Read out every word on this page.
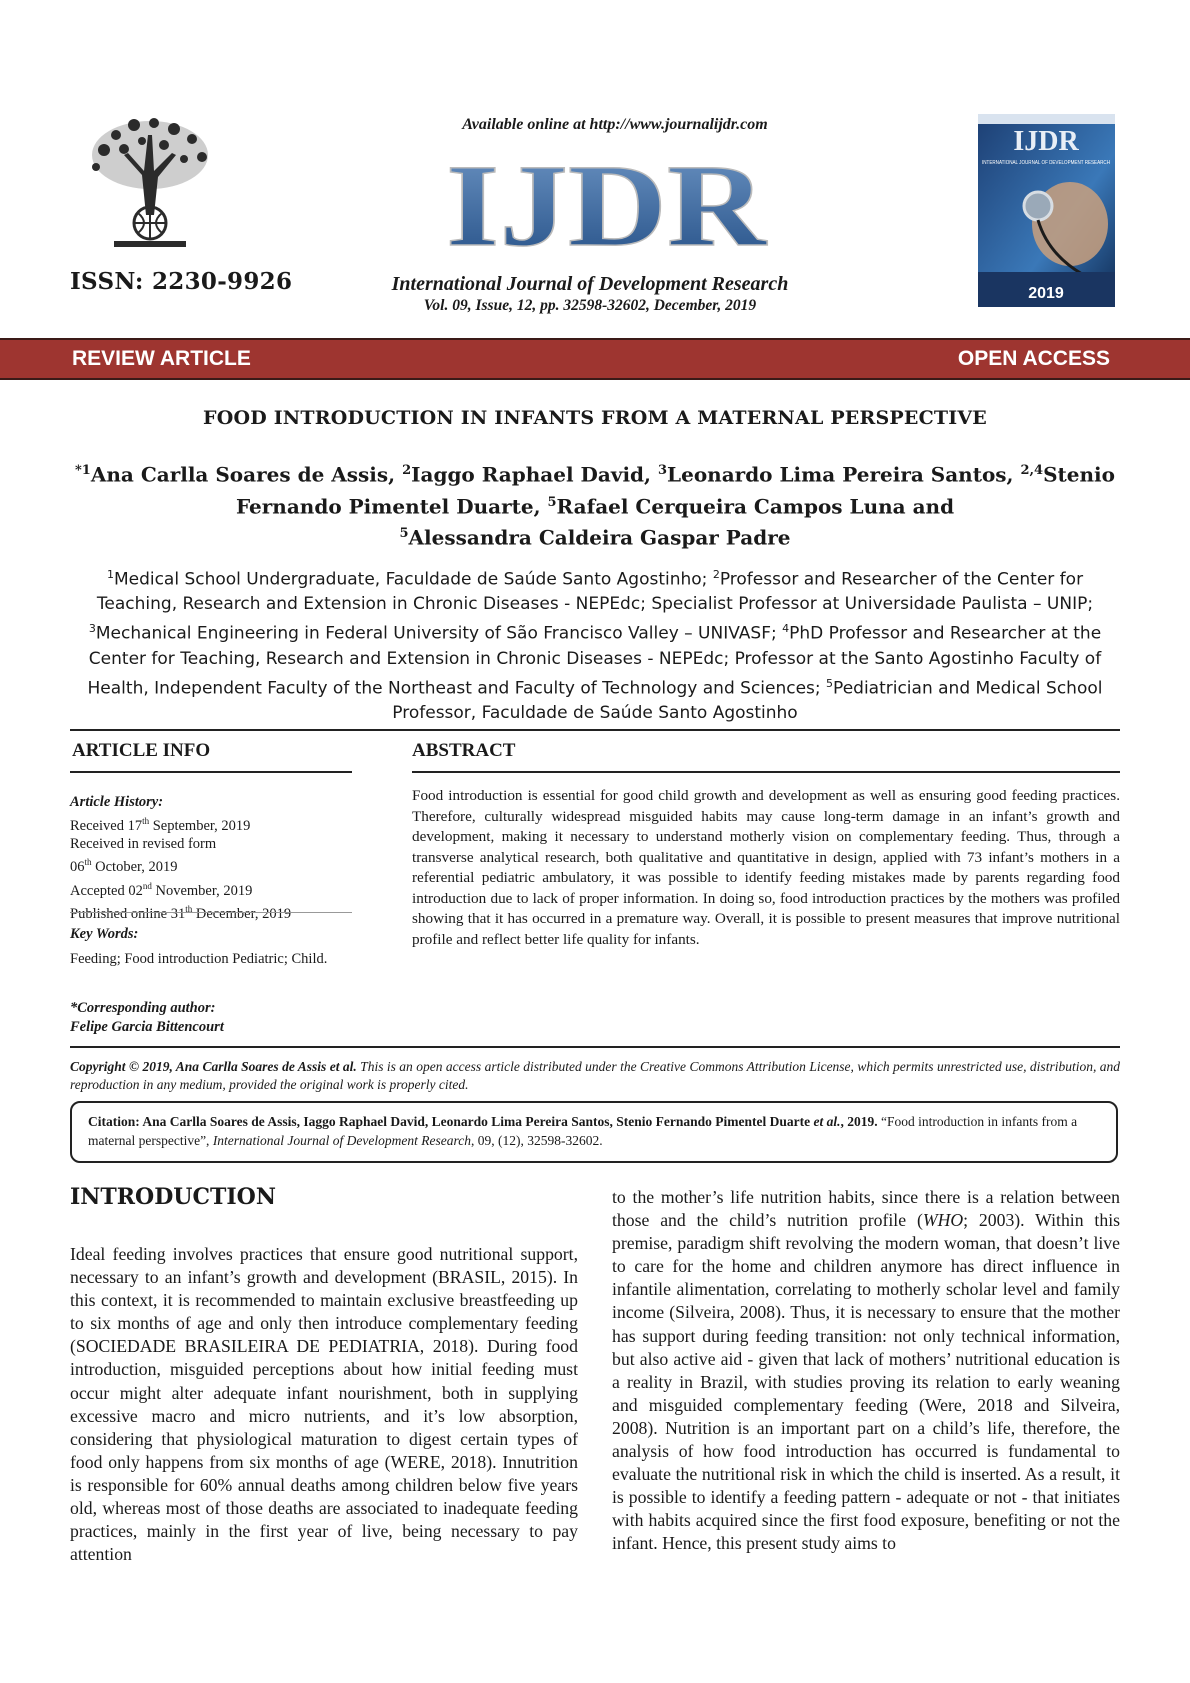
ISSN: 2230-9926
Available online at http://www.journalijdr.com
IJDR
International Journal of Development Research
Vol. 09, Issue, 12, pp. 32598-32602, December, 2019
IJDR
INTERNATIONAL JOURNAL OF DEVELOPMENT RESEARCH
2019
REVIEW ARTICLE	OPEN ACCESS
FOOD INTRODUCTION IN INFANTS FROM A MATERNAL PERSPECTIVE
$^{*1}$Ana Carlla Soares de Assis, $^2$Iaggo Raphael David, $^3$Leonardo Lima Pereira Santos, $^{2,4}$Stenio Fernando Pimentel Duarte, $^5$Rafael Cerqueira Campos Luna and
$^5$Alessandra Caldeira Gaspar Padre
$^1$Medical School Undergraduate, Faculdade de Saúde Santo Agostinho; $^2$Professor and Researcher of the Center for Teaching, Research and Extension in Chronic Diseases - NEPEdc; Specialist Professor at Universidade Paulista – UNIP; $^3$Mechanical Engineering in Federal University of São Francisco Valley – UNIVASF; $^4$PhD Professor and Researcher at the Center for Teaching, Research and Extension in Chronic Diseases - NEPEdc; Professor at the Santo Agostinho Faculty of Health, Independent Faculty of the Northeast and Faculty of Technology and Sciences; $^5$Pediatrician and Medical School Professor, Faculdade de Saúde Santo Agostinho
ARTICLE INFO
Article History:
Received 17th September, 2019
Received in revised form
06th October, 2019
Accepted 02nd November, 2019
Published online 31th December, 2019
Key Words:
Feeding; Food introduction Pediatric; Child.
*Corresponding author:
Felipe Garcia Bittencourt
ABSTRACT
Food introduction is essential for good child growth and development as well as ensuring good feeding practices. Therefore, culturally widespread misguided habits may cause long-term damage in an infant’s growth and development, making it necessary to understand motherly vision on complementary feeding. Thus, through a transverse analytical research, both qualitative and quantitative in design, applied with 73 infant’s mothers in a referential pediatric ambulatory, it was possible to identify feeding mistakes made by parents regarding food introduction due to lack of proper information. In doing so, food introduction practices by the mothers was profiled showing that it has occurred in a premature way. Overall, it is possible to present measures that improve nutritional profile and reflect better life quality for infants.
Copyright © 2019, Ana Carlla Soares de Assis et al. This is an open access article distributed under the Creative Commons Attribution License, which permits unrestricted use, distribution, and reproduction in any medium, provided the original work is properly cited.
Citation: Ana Carlla Soares de Assis, Iaggo Raphael David, Leonardo Lima Pereira Santos, Stenio Fernando Pimentel Duarte et al., 2019. “Food introduction in infants from a maternal perspective”, International Journal of Development Research, 09, (12), 32598-32602.
INTRODUCTION
Ideal feeding involves practices that ensure good nutritional support, necessary to an infant’s growth and development (BRASIL, 2015). In this context, it is recommended to maintain exclusive breastfeeding up to six months of age and only then introduce complementary feeding (SOCIEDADE BRASILEIRA DE PEDIATRIA, 2018). During food introduction, misguided perceptions about how initial feeding must occur might alter adequate infant nourishment, both in supplying excessive macro and micro nutrients, and it’s low absorption, considering that physiological maturation to digest certain types of food only happens from six months of age (WERE, 2018). Innutrition is responsible for 60% annual deaths among children below five years old, whereas most of those deaths are associated to inadequate feeding practices, mainly in the first year of live, being necessary to pay attention
to the mother’s life nutrition habits, since there is a relation between those and the child’s nutrition profile (WHO; 2003). Within this premise, paradigm shift revolving the modern woman, that doesn’t live to care for the home and children anymore has direct influence in infantile alimentation, correlating to motherly scholar level and family income (Silveira, 2008). Thus, it is necessary to ensure that the mother has support during feeding transition: not only technical information, but also active aid - given that lack of mothers’ nutritional education is a reality in Brazil, with studies proving its relation to early weaning and misguided complementary feeding (Were, 2018 and Silveira, 2008). Nutrition is an important part on a child’s life, therefore, the analysis of how food introduction has occurred is fundamental to evaluate the nutritional risk in which the child is inserted. As a result, it is possible to identify a feeding pattern - adequate or not - that initiates with habits acquired since the first food exposure, benefiting or not the infant. Hence, this present study aims to
